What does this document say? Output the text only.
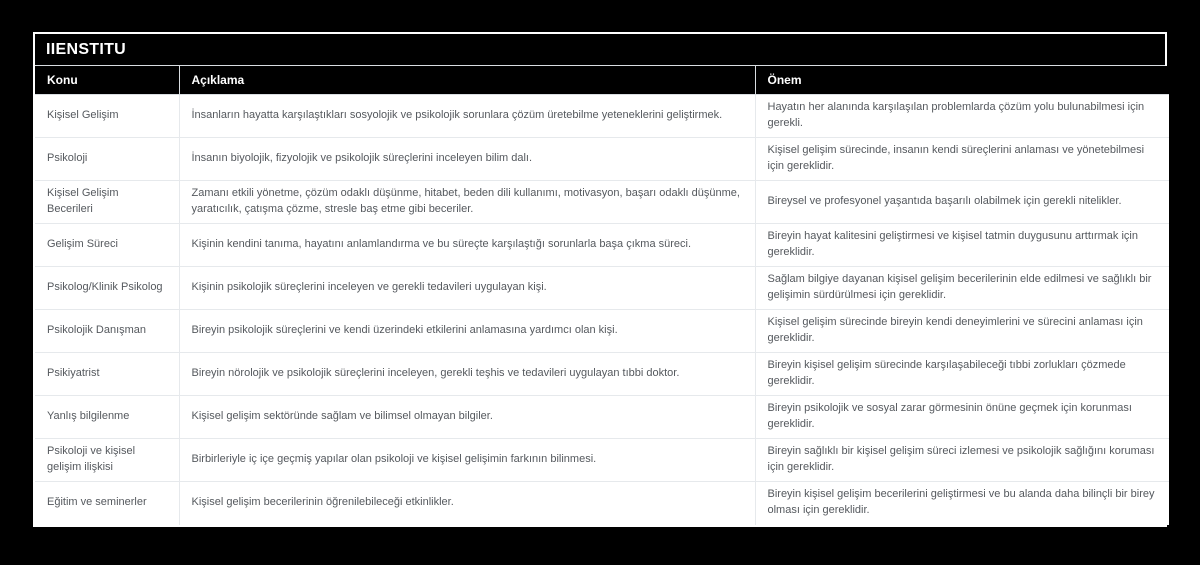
IIENSTITU
Konu	Açıklama	Önem
Kişisel Gelişim	İnsanların hayatta karşılaştıkları sosyolojik ve psikolojik sorunlara çözüm üretebilme yeteneklerini geliştirmek.	Hayatın her alanında karşılaşılan problemlarda çözüm yolu bulunabilmesi için gerekli.
Psikoloji	İnsanın biyolojik, fizyolojik ve psikolojik süreçlerini inceleyen bilim dalı.	Kişisel gelişim sürecinde, insanın kendi süreçlerini anlaması ve yönetebilmesi için gereklidir.
Kişisel Gelişim Becerileri	Zamanı etkili yönetme, çözüm odaklı düşünme, hitabet, beden dili kullanımı, motivasyon, başarı odaklı düşünme, yaratıcılık, çatışma çözme, stresle baş etme gibi beceriler.	Bireysel ve profesyonel yaşantıda başarılı olabilmek için gerekli nitelikler.
Gelişim Süreci	Kişinin kendini tanıma, hayatını anlamlandırma ve bu süreçte karşılaştığı sorunlarla başa çıkma süreci.	Bireyin hayat kalitesini geliştirmesi ve kişisel tatmin duygusunu arttırmak için gereklidir.
Psikolog/Klinik Psikolog	Kişinin psikolojik süreçlerini inceleyen ve gerekli tedavileri uygulayan kişi.	Sağlam bilgiye dayanan kişisel gelişim becerilerinin elde edilmesi ve sağlıklı bir gelişimin sürdürülmesi için gereklidir.
Psikolojik Danışman	Bireyin psikolojik süreçlerini ve kendi üzerindeki etkilerini anlamasına yardımcı olan kişi.	Kişisel gelişim sürecinde bireyin kendi deneyimlerini ve sürecini anlaması için gereklidir.
Psikiyatrist	Bireyin nörolojik ve psikolojik süreçlerini inceleyen, gerekli teşhis ve tedavileri uygulayan tıbbi doktor.	Bireyin kişisel gelişim sürecinde karşılaşabileceği tıbbi zorlukları çözmede gereklidir.
Yanlış bilgilenme	Kişisel gelişim sektöründe sağlam ve bilimsel olmayan bilgiler.	Bireyin psikolojik ve sosyal zarar görmesinin önüne geçmek için korunması gereklidir.
Psikoloji ve kişisel gelişim ilişkisi	Birbirleriyle iç içe geçmiş yapılar olan psikoloji ve kişisel gelişimin farkının bilinmesi.	Bireyin sağlıklı bir kişisel gelişim süreci izlemesi ve psikolojik sağlığını koruması için gereklidir.
Eğitim ve seminerler	Kişisel gelişim becerilerinin öğrenilebileceği etkinlikler.	Bireyin kişisel gelişim becerilerini geliştirmesi ve bu alanda daha bilinçli bir birey olması için gereklidir.
